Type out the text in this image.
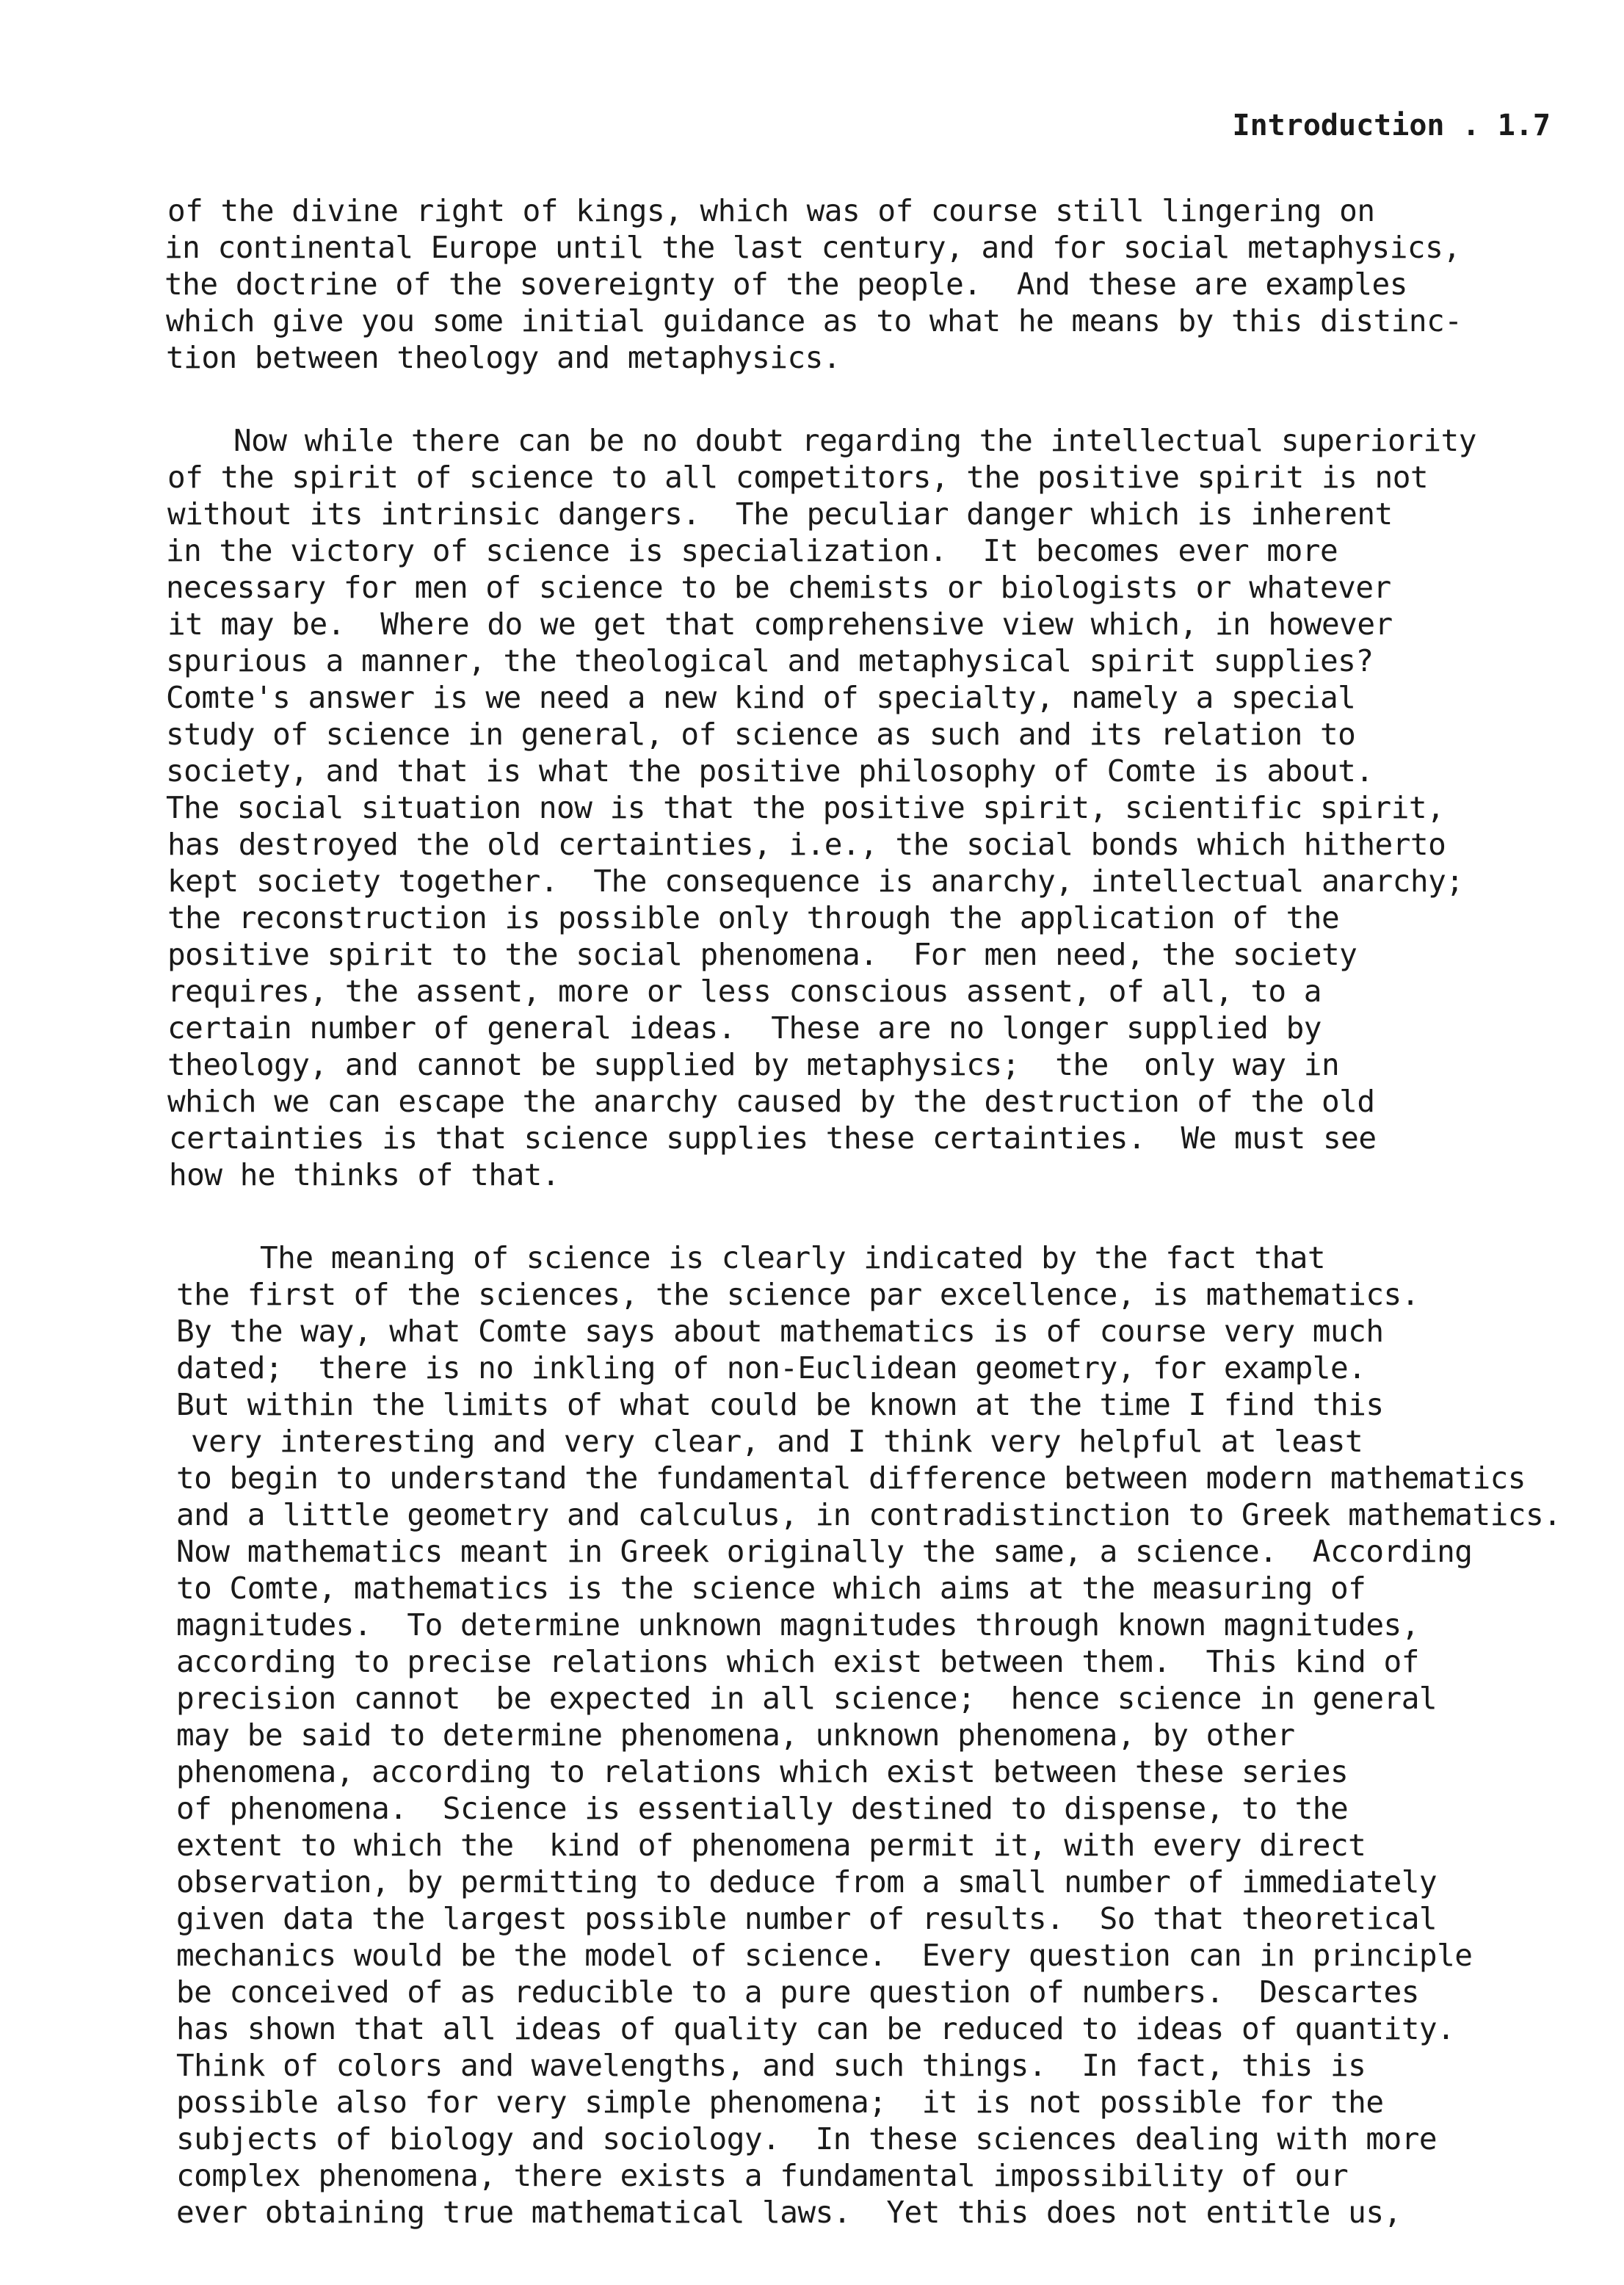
Introduction . 1.7
of the divine right of kings, which was of course still lingering on
in continental Europe until the last century, and for social metaphysics,
the doctrine of the sovereignty of the people.  And these are examples
which give you some initial guidance as to what he means by this distinc-
tion between theology and metaphysics.
Now while there can be no doubt regarding the intellectual superiority
of the spirit of science to all competitors, the positive spirit is not
without its intrinsic dangers.  The peculiar danger which is inherent
in the victory of science is specialization.  It becomes ever more
necessary for men of science to be chemists or biologists or whatever
it may be.  Where do we get that comprehensive view which, in however
spurious a manner, the theological and metaphysical spirit supplies?
Comte's answer is we need a new kind of specialty, namely a special
study of science in general, of science as such and its relation to
society, and that is what the positive philosophy of Comte is about.
The social situation now is that the positive spirit, scientific spirit,
has destroyed the old certainties, i.e., the social bonds which hitherto
kept society together.  The consequence is anarchy, intellectual anarchy;
the reconstruction is possible only through the application of the
positive spirit to the social phenomena.  For men need, the society
requires, the assent, more or less conscious assent, of all, to a
certain number of general ideas.  These are no longer supplied by
theology, and cannot be supplied by metaphysics;  the  only way in
which we can escape the anarchy caused by the destruction of the old
certainties is that science supplies these certainties.  We must see
how he thinks of that.
The meaning of science is clearly indicated by the fact that
the first of the sciences, the science par excellence, is mathematics.
By the way, what Comte says about mathematics is of course very much
dated;  there is no inkling of non-Euclidean geometry, for example.
But within the limits of what could be known at the time I find this
very interesting and very clear, and I think very helpful at least
to begin to understand the fundamental difference between modern mathematics
and a little geometry and calculus, in contradistinction to Greek mathematics.
Now mathematics meant in Greek originally the same, a science.  According
to Comte, mathematics is the science which aims at the measuring of
magnitudes.  To determine unknown magnitudes through known magnitudes,
according to precise relations which exist between them.  This kind of
precision cannot  be expected in all science;  hence science in general
may be said to determine phenomena, unknown phenomena, by other
phenomena, according to relations which exist between these series
of phenomena.  Science is essentially destined to dispense, to the
extent to which the  kind of phenomena permit it, with every direct
observation, by permitting to deduce from a small number of immediately
given data the largest possible number of results.  So that theoretical
mechanics would be the model of science.  Every question can in principle
be conceived of as reducible to a pure question of numbers.  Descartes
has shown that all ideas of quality can be reduced to ideas of quantity.
Think of colors and wavelengths, and such things.  In fact, this is
possible also for very simple phenomena;  it is not possible for the
subjects of biology and sociology.  In these sciences dealing with more
complex phenomena, there exists a fundamental impossibility of our
ever obtaining true mathematical laws.  Yet this does not entitle us,
